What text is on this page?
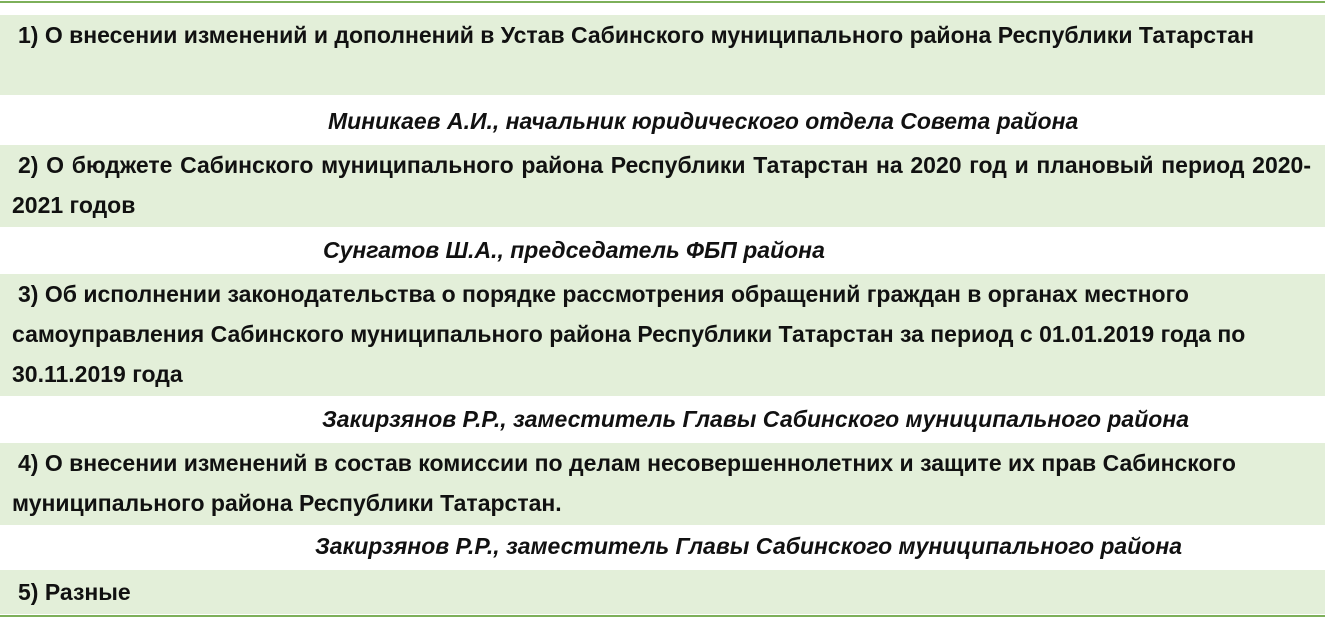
1) О внесении изменений и дополнений в Устав Сабинского муниципального района Республики Татарстан
Миникаев А.И., начальник юридического отдела Совета района
2) О бюджете Сабинского муниципального района Республики Татарстан на 2020 год и плановый период 2020-2021 годов
Сунгатов Ш.А., председатель ФБП района
3) Об исполнении законодательства о порядке рассмотрения обращений граждан в органах местного самоуправления Сабинского муниципального района Республики Татарстан за период с 01.01.2019 года по 30.11.2019 года
Закирзянов Р.Р., заместитель Главы Сабинского муниципального района
4) О внесении изменений в состав комиссии по делам несовершеннолетних и защите их прав Сабинского муниципального района Республики Татарстан.
Закирзянов Р.Р., заместитель Главы Сабинского муниципального района
5) Разные
